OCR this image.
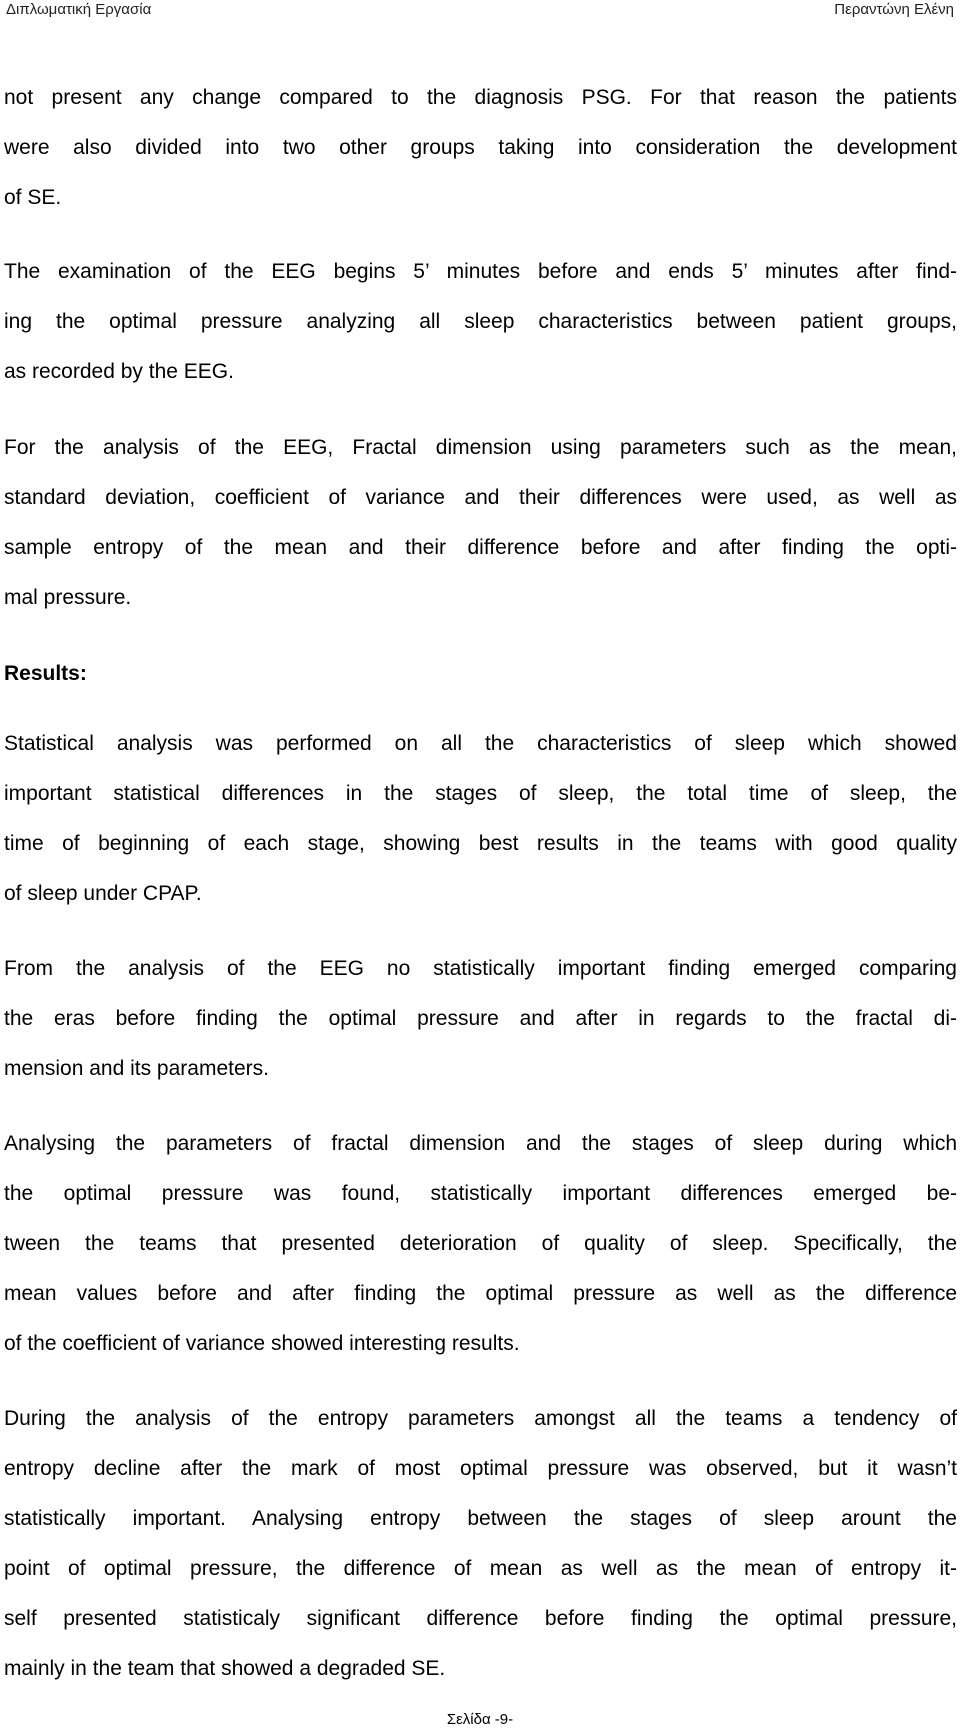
Διπλωματική Εργασία	Περαντώνη Ελένη

not present any change compared to the diagnosis PSG. For that reason the patients
were also divided into two other groups taking into consideration the development
of SE.

The examination of the EEG begins 5’ minutes before and ends 5’ minutes after find-
ing the optimal pressure analyzing all sleep characteristics between patient groups,
as recorded by the EEG.

For the analysis of the EEG, Fractal dimension using parameters such as the mean,
standard deviation, coefficient of variance and their differences were used, as well as
sample entropy of the mean and their difference before and after finding the opti-
mal pressure.

Results:

Statistical analysis was performed on all the characteristics of sleep which showed
important statistical differences in the stages of sleep, the total time of sleep, the
time of beginning of each stage, showing best results in the teams with good quality
of sleep under CPAP.

From the analysis of the EEG no statistically important finding emerged comparing
the eras before finding the optimal pressure and after in regards to the fractal di-
mension and its parameters.

Analysing the parameters of fractal dimension and the stages of sleep during which
the optimal pressure was found, statistically important differences emerged be-
tween the teams that presented deterioration of quality of sleep. Specifically, the
mean values before and after finding the optimal pressure as well as the difference
of the coefficient of variance showed interesting results.

During the analysis of the entropy parameters amongst all the teams a tendency of
entropy decline after the mark of most optimal pressure was observed, but it wasn’t
statistically important. Analysing entropy between the stages of sleep arount the
point of optimal pressure, the difference of mean as well as the mean of entropy it-
self presented statisticaly significant difference before finding the optimal pressure,
mainly in the team that showed a degraded SE.

Σελίδα -9-
